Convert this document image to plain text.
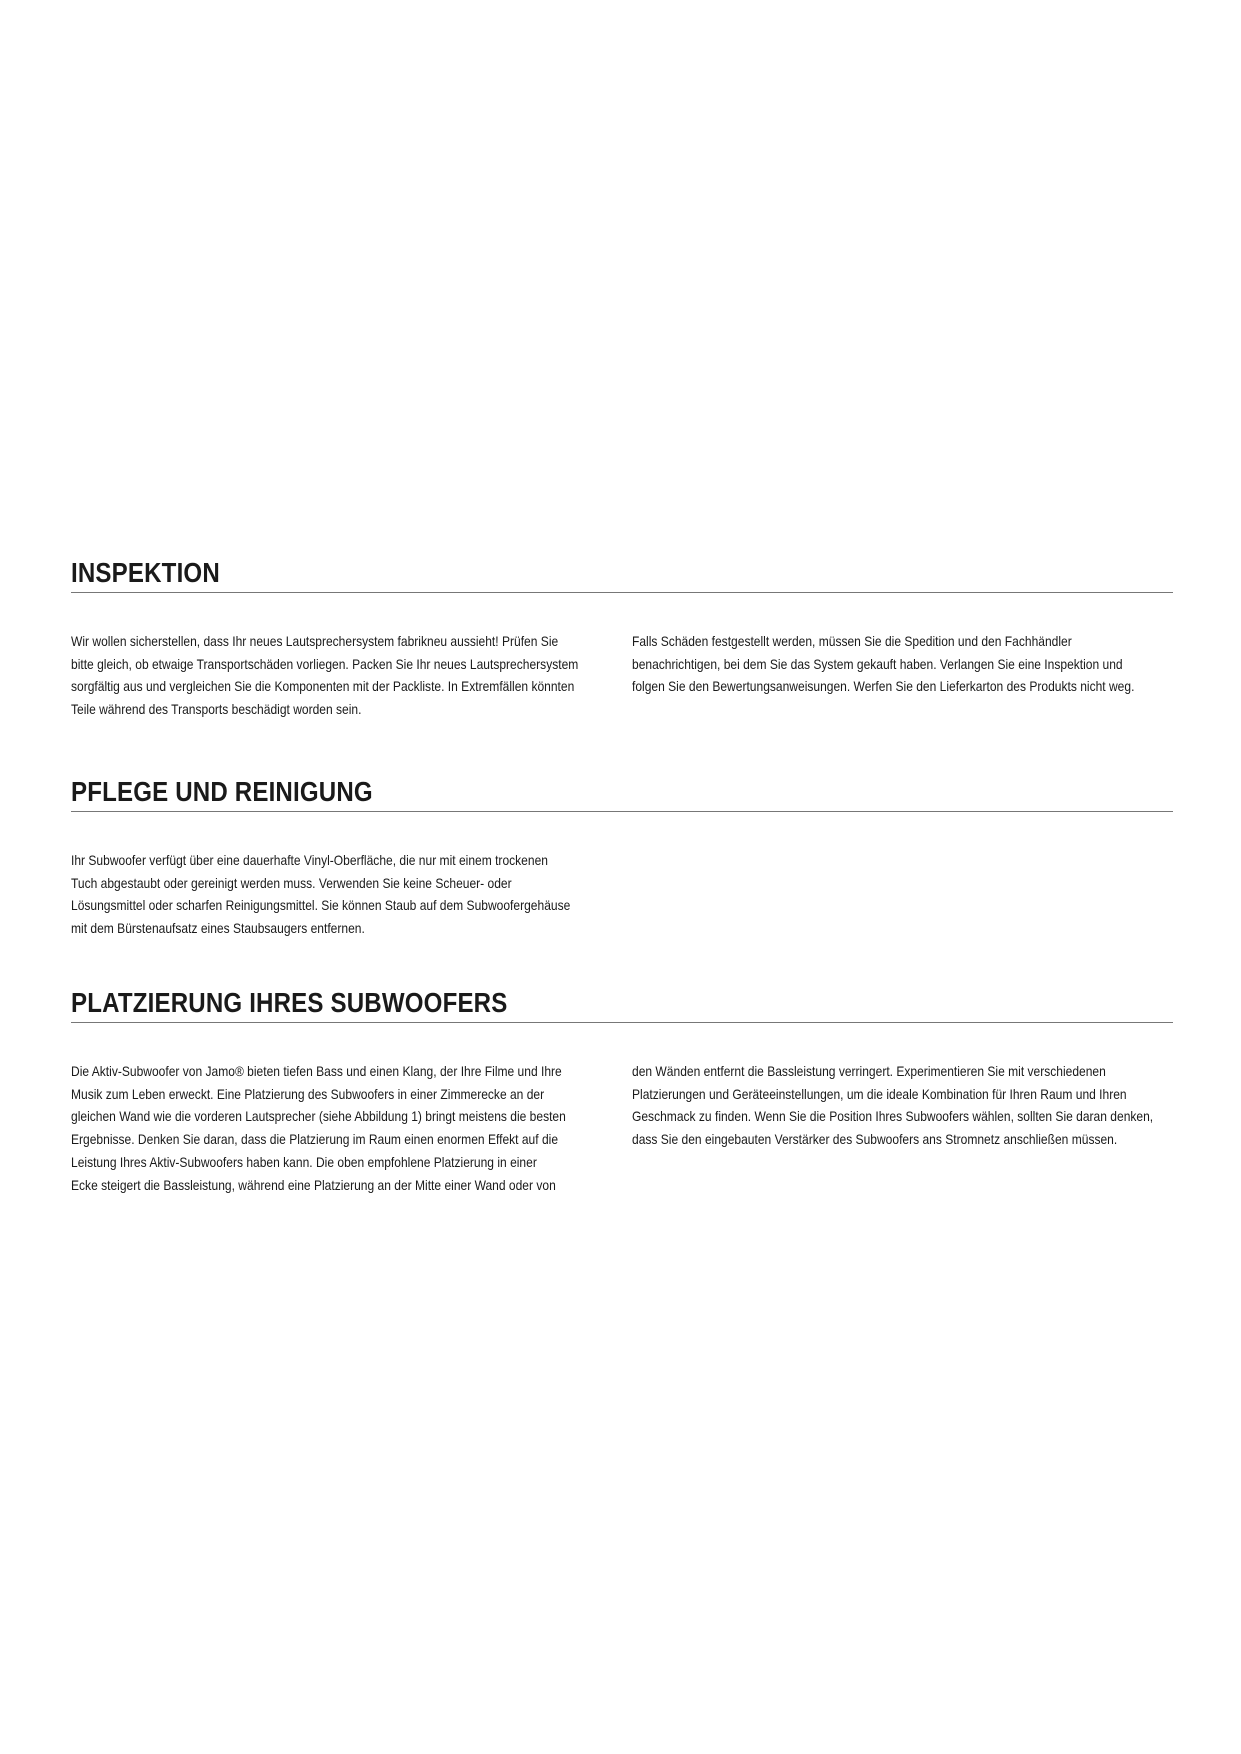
INSPEKTION

Wir wollen sicherstellen, dass Ihr neues Lautsprechersystem fabrikneu aussieht! Prüfen Sie
bitte gleich, ob etwaige Transportschäden vorliegen. Packen Sie Ihr neues Lautsprechersystem
sorgfältig aus und vergleichen Sie die Komponenten mit der Packliste. In Extremfällen könnten
Teile während des Transports beschädigt worden sein.

Falls Schäden festgestellt werden, müssen Sie die Spedition und den Fachhändler
benachrichtigen, bei dem Sie das System gekauft haben. Verlangen Sie eine Inspektion und
folgen Sie den Bewertungsanweisungen. Werfen Sie den Lieferkarton des Produkts nicht weg.

PFLEGE UND REINIGUNG

Ihr Subwoofer verfügt über eine dauerhafte Vinyl-Oberfläche, die nur mit einem trockenen
Tuch abgestaubt oder gereinigt werden muss. Verwenden Sie keine Scheuer- oder
Lösungsmittel oder scharfen Reinigungsmittel. Sie können Staub auf dem Subwoofergehäuse
mit dem Bürstenaufsatz eines Staubsaugers entfernen.

PLATZIERUNG IHRES SUBWOOFERS

Die Aktiv-Subwoofer von Jamo® bieten tiefen Bass und einen Klang, der Ihre Filme und Ihre
Musik zum Leben erweckt. Eine Platzierung des Subwoofers in einer Zimmerecke an der
gleichen Wand wie die vorderen Lautsprecher (siehe Abbildung 1) bringt meistens die besten
Ergebnisse. Denken Sie daran, dass die Platzierung im Raum einen enormen Effekt auf die
Leistung Ihres Aktiv-Subwoofers haben kann. Die oben empfohlene Platzierung in einer
Ecke steigert die Bassleistung, während eine Platzierung an der Mitte einer Wand oder von

den Wänden entfernt die Bassleistung verringert. Experimentieren Sie mit verschiedenen
Platzierungen und Geräteeinstellungen, um die ideale Kombination für Ihren Raum und Ihren
Geschmack zu finden. Wenn Sie die Position Ihres Subwoofers wählen, sollten Sie daran denken,
dass Sie den eingebauten Verstärker des Subwoofers ans Stromnetz anschließen müssen.
